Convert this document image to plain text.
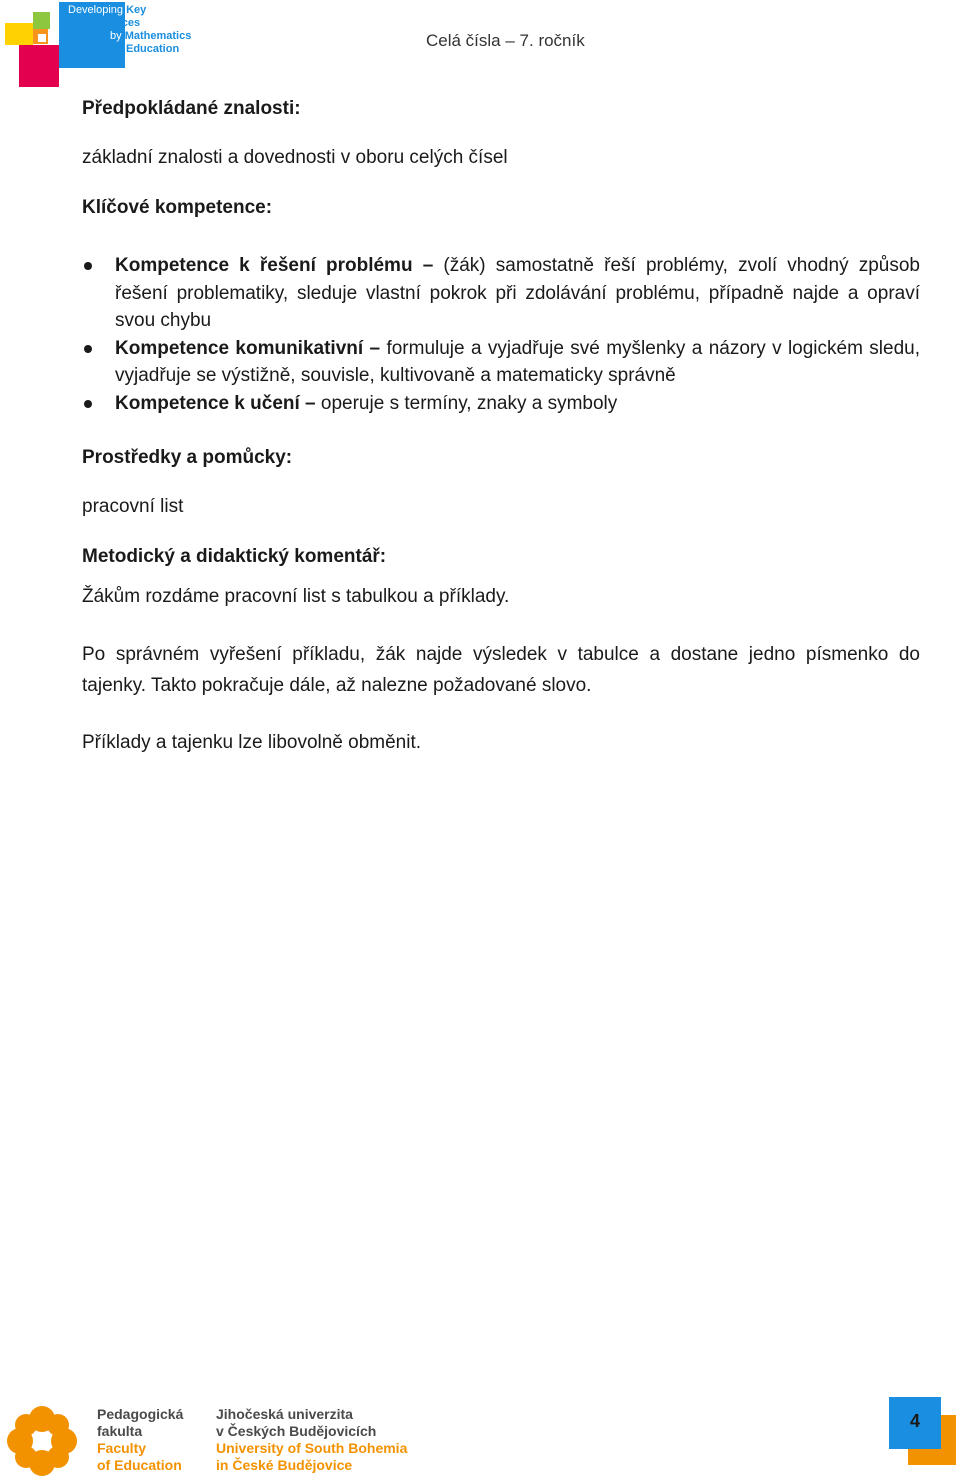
Developing Key Competences
by Mathematics
Education	Celá čísla – 7. ročník

Předpokládané znalosti:

základní znalosti a dovednosti v oboru celých čísel

Klíčové kompetence:

Kompetence k řešení problému – (žák) samostatně řeší problémy, zvolí vhodný způsob řešení problematiky, sleduje vlastní pokrok při zdolávání problému, případně najde a opraví svou chybu
Kompetence komunikativní – formuluje a vyjadřuje své myšlenky a názory v logickém sledu, vyjadřuje se výstižně, souvisle, kultivovaně a matematicky správně
Kompetence k učení – operuje s termíny, znaky a symboly

Prostředky a pomůcky:

pracovní list

Metodický a didaktický komentář:

Žákům rozdáme pracovní list s tabulkou a příklady.

Po správném vyřešení příkladu, žák najde výsledek v tabulce a dostane jedno písmenko do tajenky. Takto pokračuje dále, až nalezne požadované slovo.

Příklady a tajenku lze libovolně obměnit.

Pedagogická
fakulta
Faculty
of Education
Jihočeská univerzita
v Českých Budějovicích
University of South Bohemia
in České Budějovice
4
